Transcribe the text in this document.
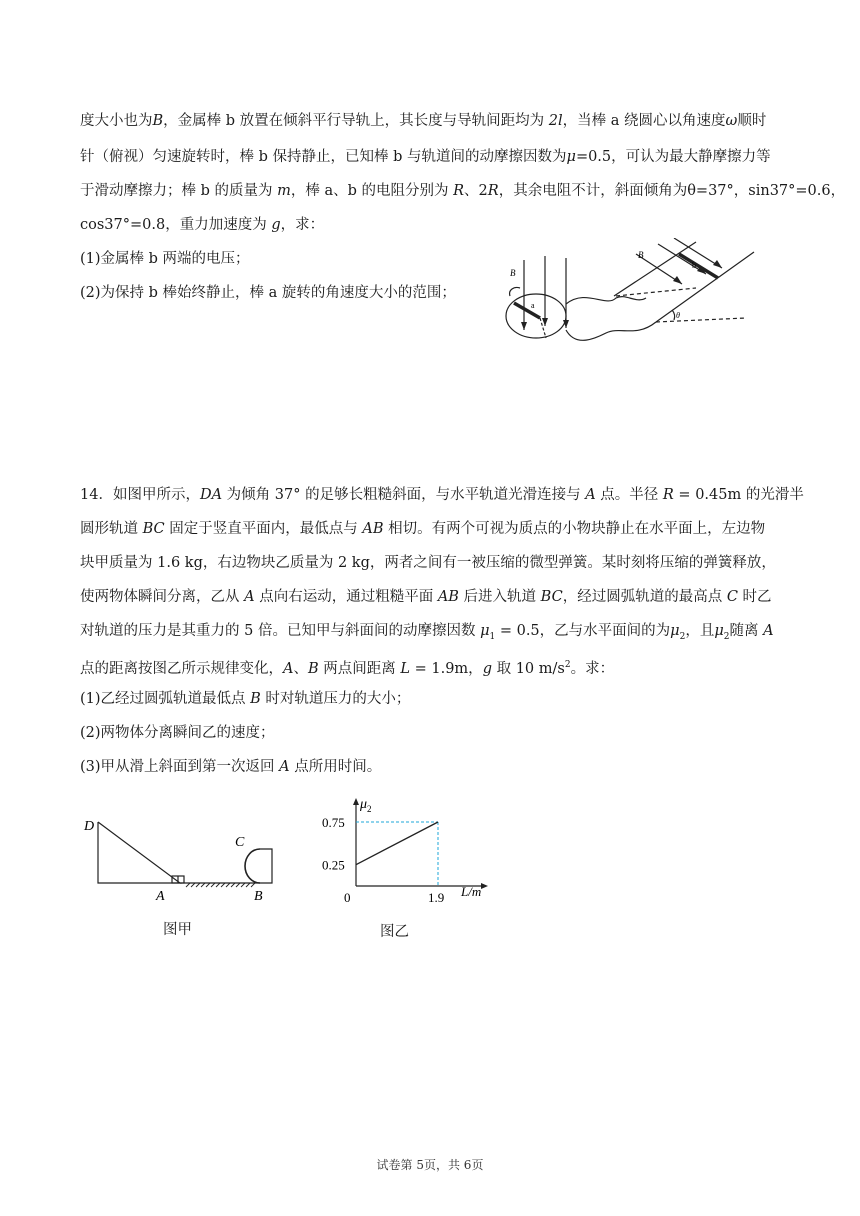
度大小也为B，金属棒 b 放置在倾斜平行导轨上，其长度与导轨间距均为 2l，当棒 a 绕圆心以角速度ω顺时
针（俯视）匀速旋转时，棒 b 保持静止，已知棒 b 与轨道间的动摩擦因数为μ=0.5，可认为最大静摩擦力等
于滑动摩擦力；棒 b 的质量为 m，棒 a、b 的电阻分别为 R、2R，其余电阻不计，斜面倾角为θ=37°，sin37°=0.6，
cos37°=0.8，重力加速度为 g，求：
(1)金属棒 b 两端的电压；
(2)为保持 b 棒始终静止，棒 a 旋转的角速度大小的范围；
B
a
B
b
θ
14．如图甲所示，DA 为倾角 37° 的足够长粗糙斜面，与水平轨道光滑连接与 A 点。半径 R = 0.45m 的光滑半
圆形轨道 BC 固定于竖直平面内，最低点与 AB 相切。有两个可视为质点的小物块静止在水平面上，左边物
块甲质量为 1.6 kg，右边物块乙质量为 2 kg，两者之间有一被压缩的微型弹簧。某时刻将压缩的弹簧释放，
使两物体瞬间分离，乙从 A 点向右运动，通过粗糙平面 AB 后进入轨道 BC，经过圆弧轨道的最高点 C 时乙
对轨道的压力是其重力的 5 倍。已知甲与斜面间的动摩擦因数 $\mu_1 = 0.5$，乙与水平面间的为$\mu_2$，且$\mu_2$随离 A
点的距离按图乙所示规律变化，A、B 两点间距离 L = 1.9m，g 取 10 $m/s^2$。求：
(1)乙经过圆弧轨道最低点 B 时对轨道压力的大小；
(2)两物体分离瞬间乙的速度；
(3)甲从滑上斜面到第一次返回 A 点所用时间。
D
C
A	B
图甲
0.75
0.25
1.9
$\mu_2$
L/m
0
图乙
试卷第 5页，共 6页
